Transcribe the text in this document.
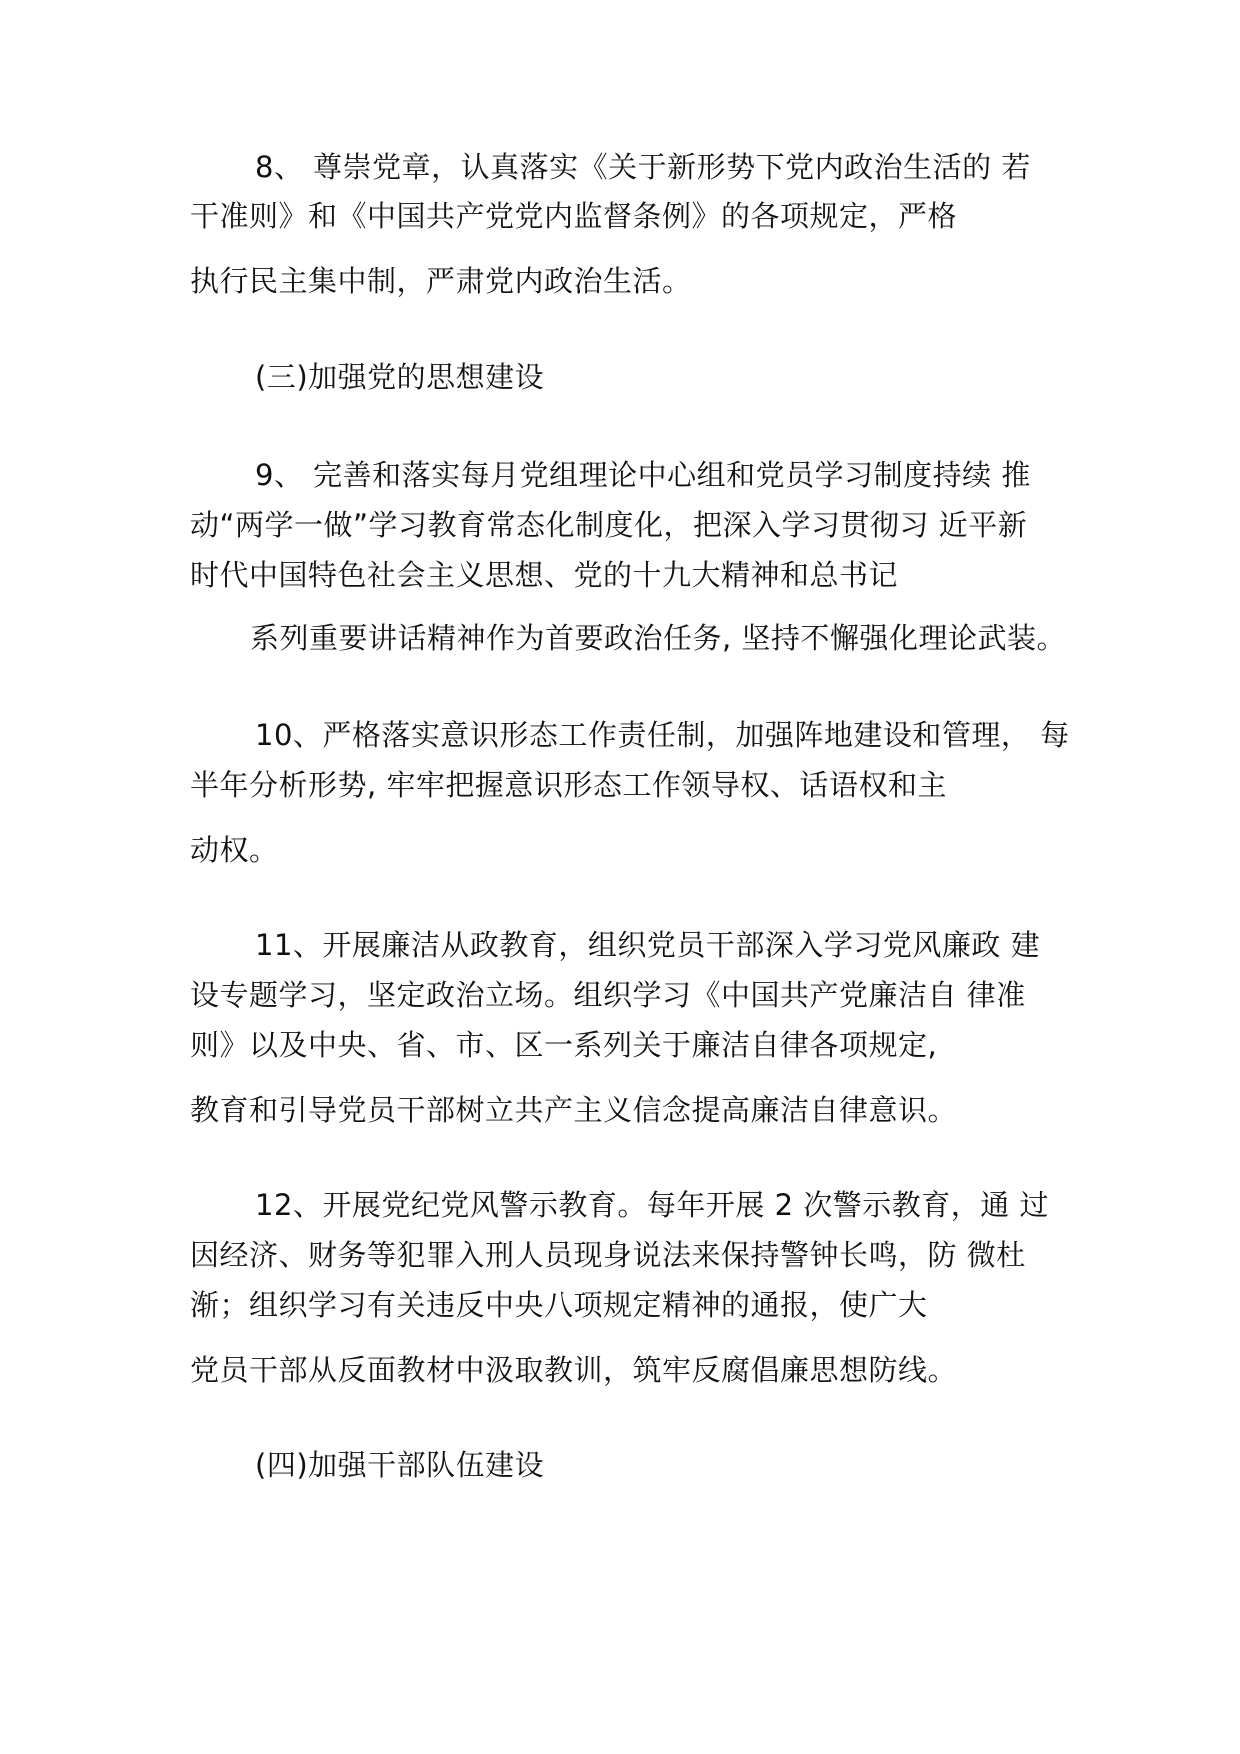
8、 尊崇党章，认真落实《关于新形势下党内政治生活的 若
干准则》和《中国共产党党内监督条例》的各项规定，严格
执行民主集中制，严肃党内政治生活。
(三)加强党的思想建设
9、 完善和落实每月党组理论中心组和党员学习制度持续 推
动“两学一做”学习教育常态化制度化，把深入学习贯彻习 近平新
时代中国特色社会主义思想、党的十九大精神和总书记
系列重要讲话精神作为首要政治任务, 坚持不懈强化理论武装。
10、严格落实意识形态工作责任制，加强阵地建设和管理， 每
半年分析形势, 牢牢把握意识形态工作领导权、话语权和主
动权。
11、开展廉洁从政教育，组织党员干部深入学习党风廉政 建
设专题学习，坚定政治立场。组织学习《中国共产党廉洁自 律准
则》以及中央、省、市、区一系列关于廉洁自律各项规定,
教育和引导党员干部树立共产主义信念提高廉洁自律意识。
12、开展党纪党风警示教育。每年开展 2 次警示教育，通 过
因经济、财务等犯罪入刑人员现身说法来保持警钟长鸣，防 微杜
渐；组织学习有关违反中央八项规定精神的通报，使广大
党员干部从反面教材中汲取教训，筑牢反腐倡廉思想防线。
(四)加强干部队伍建设
